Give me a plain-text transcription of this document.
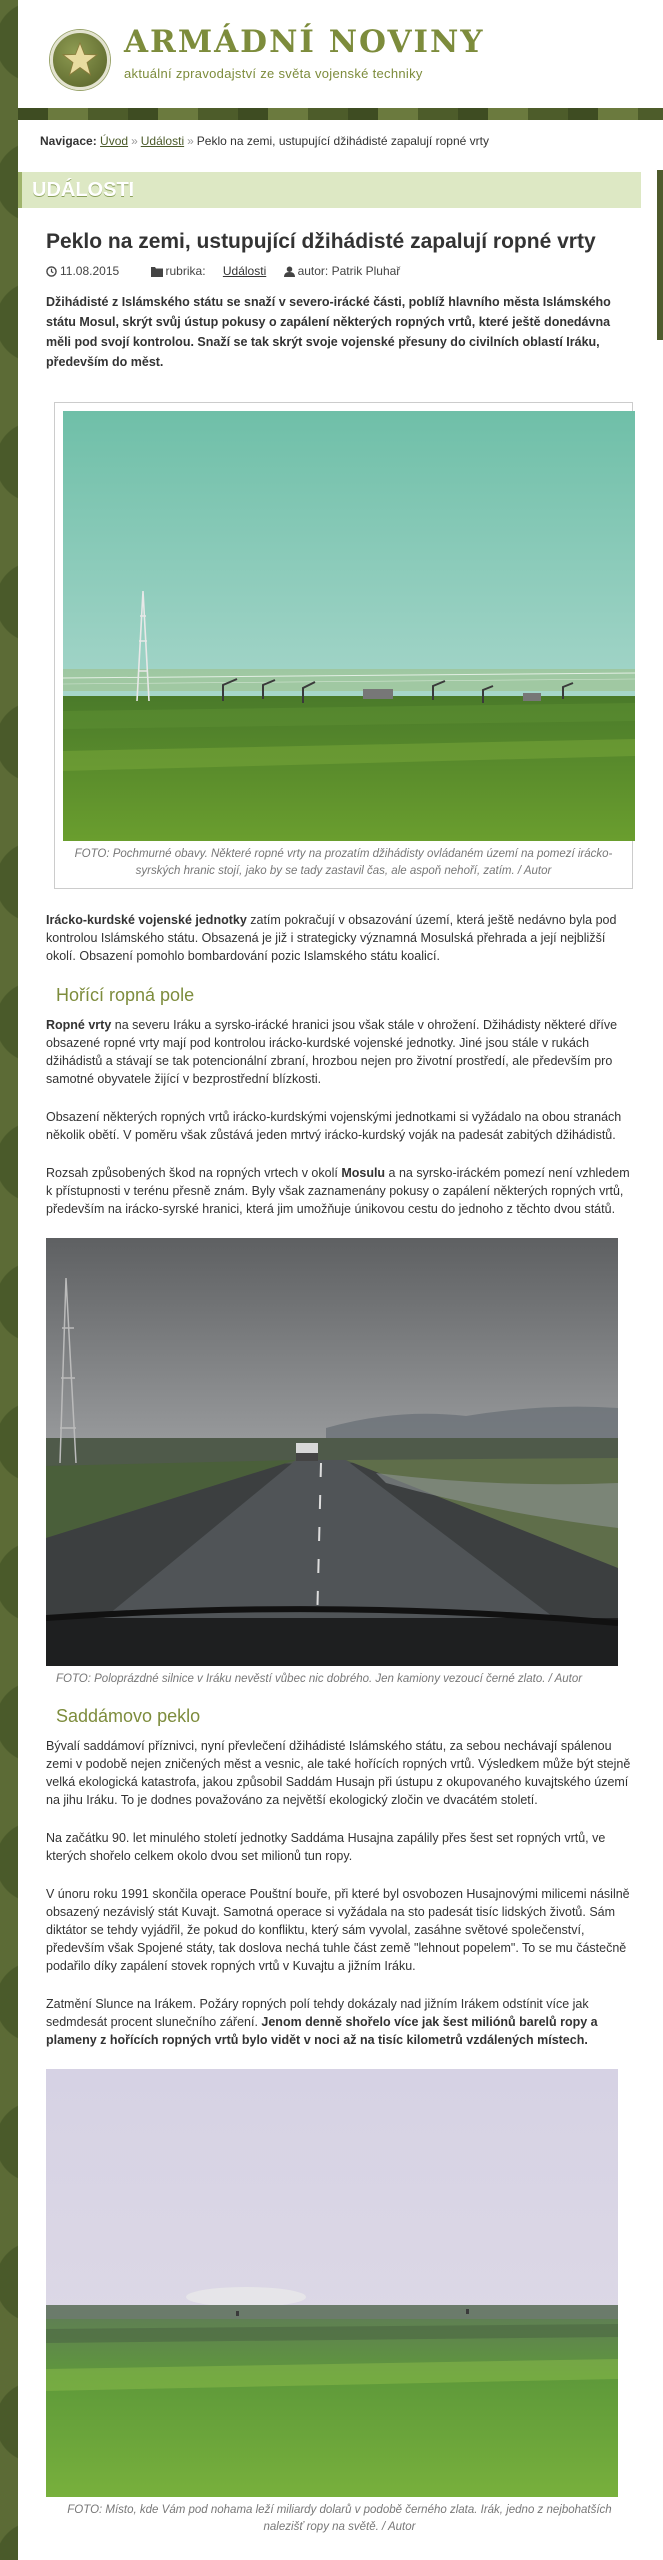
ARMÁDNÍ NOVINY
aktuální zpravodajství ze světa vojenské techniky
Navigace: Úvod » Události » Peklo na zemi, ustupující džihádisté zapalují ropné vrty
UDÁLOSTI
Peklo na zemi, ustupující džihádisté zapalují ropné vrty
11.08.2015	rubrika: Události	autor: Patrik Pluhař
Džihádisté z Islámského státu se snaží v severo-irácké části, poblíž hlavního města Islámského státu Mosul, skrýt svůj ústup pokusy o zapálení některých ropných vrtů, které ještě donedávna měli pod svojí kontrolou. Snaží se tak skrýt svoje vojenské přesuny do civilních oblastí Iráku, především do měst.
FOTO: Pochmurné obavy. Některé ropné vrty na prozatím džihádisty ovládaném území na pomezí irácko-syrských hranic stojí, jako by se tady zastavil čas, ale aspoň nehoří, zatím. / Autor

Irácko-kurdské vojenské jednotky zatím pokračují v obsazování území, která ještě nedávno byla pod kontrolou Islámského státu. Obsazená je již i strategicky významná Mosulská přehrada a její nejbližší okolí. Obsazení pomohlo bombardování pozic Islamského státu koalicí.

Hořící ropná pole

Ropné vrty na severu Iráku a syrsko-irácké hranici jsou však stále v ohrožení. Džihádisty některé dříve obsazené ropné vrty mají pod kontrolou irácko-kurdské vojenské jednotky. Jiné jsou stále v rukách džihádistů a stávají se tak potencionální zbraní, hrozbou nejen pro životní prostředí, ale především pro samotné obyvatele žijící v bezprostřední blízkosti.

Obsazení některých ropných vrtů irácko-kurdskými vojenskými jednotkami si vyžádalo na obou stranách několik obětí. V poměru však zůstává jeden mrtvý irácko-kurdský voják na padesát zabitých džihádistů.

Rozsah způsobených škod na ropných vrtech v okolí Mosulu a na syrsko-iráckém pomezí není vzhledem k přístupnosti v terénu přesně znám. Byly však zaznamenány pokusy o zapálení některých ropných vrtů, především na irácko-syrské hranici, která jim umožňuje únikovou cestu do jednoho z těchto dvou států.

FOTO: Poloprázdné silnice v Iráku nevěstí vůbec nic dobrého. Jen kamiony vezoucí černé zlato. / Autor
Saddámovo peklo

Bývalí saddámoví příznivci, nyní převlečení džihádisté Islámského státu, za sebou nechávají spálenou zemi v podobě nejen zničených měst a vesnic, ale také hořících ropných vrtů. Výsledkem může být stejně velká ekologická katastrofa, jakou způsobil Saddám Husajn při ústupu z okupovaného kuvajtského území na jihu Iráku. To je dodnes považováno za největší ekologický zločin ve dvacátém století.

Na začátku 90. let minulého století jednotky Saddáma Husajna zapálily přes šest set ropných vrtů, ve kterých shořelo celkem okolo dvou set milionů tun ropy.

V únoru roku 1991 skončila operace Pouštní bouře, při které byl osvobozen Husajnovými milicemi násilně obsazený nezávislý stát Kuvajt. Samotná operace si vyžádala na sto padesát tisíc lidských životů. Sám diktátor se tehdy vyjádřil, že pokud do konfliktu, který sám vyvolal, zasáhne světové společenství, především však Spojené státy, tak doslova nechá tuhle část země "lehnout popelem". To se mu částečně podařilo díky zapálení stovek ropných vrtů v Kuvajtu a jižním Iráku.

Zatmění Slunce na Irákem. Požáry ropných polí tehdy dokázaly nad jižním Irákem odstínit více jak sedmdesát procent slunečního záření. Jenom denně shořelo více jak šest miliónů barelů ropy a plameny z hořících ropných vrtů bylo vidět v noci až na tisíc kilometrů vzdálených místech.

FOTO: Místo, kde Vám pod nohama leží miliardy dolarů v podobě černého zlata. Irák, jedno z nejbohatších nalezišť ropy na světě. / Autor
